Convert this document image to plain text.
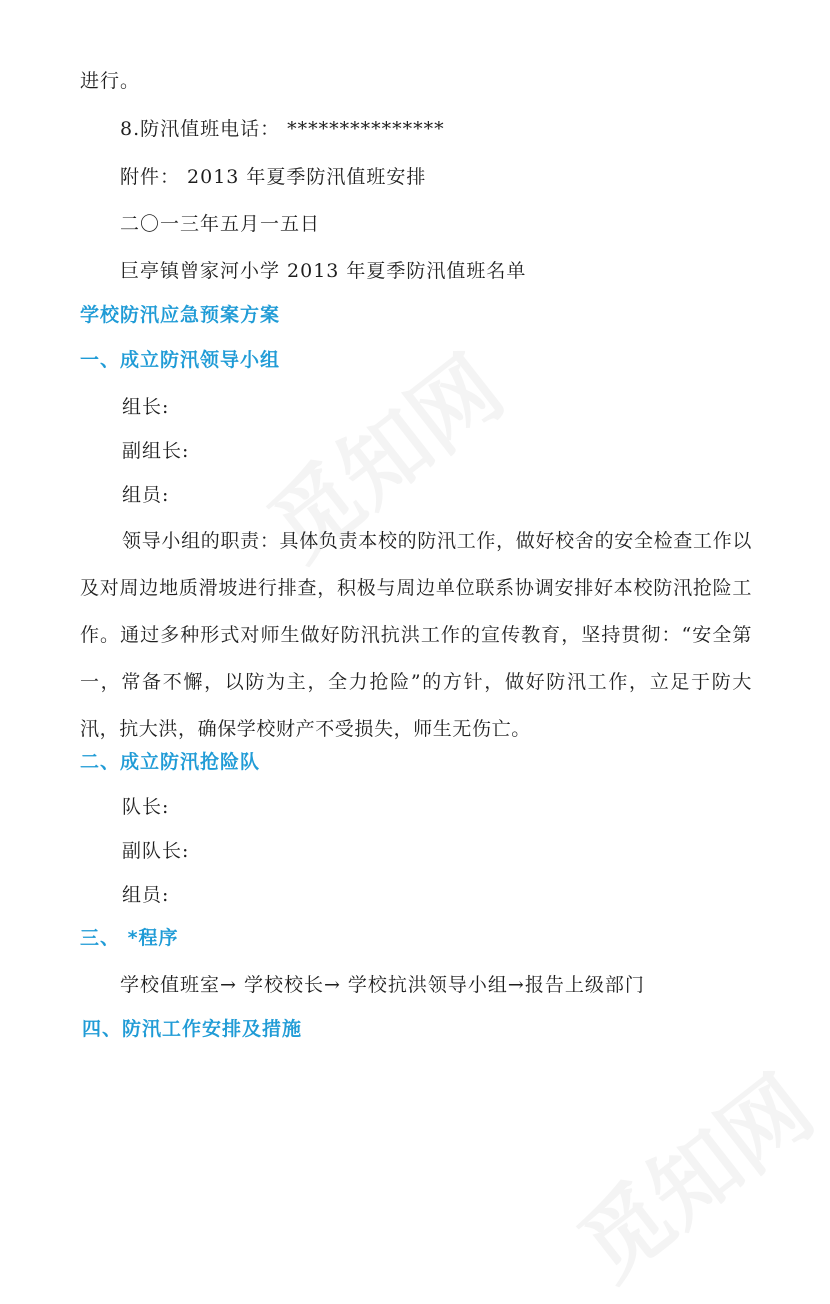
进行。
8.防汛值班电话： ***************
附件： 2013 年夏季防汛值班安排
二〇一三年五月一五日
巨亭镇曾家河小学 2013 年夏季防汛值班名单
学校防汛应急预案方案
一、成立防汛领导小组
组长:
副组长:
组员:
领导小组的职责：具体负责本校的防汛工作，做好校舍的安全检查工作以及对周边地质滑坡进行排查，积极与周边单位联系协调安排好本校防汛抢险工作。通过多种形式对师生做好防汛抗洪工作的宣传教育，坚持贯彻：“安全第一，常备不懈，以防为主，全力抢险”的方针，做好防汛工作，立足于防大汛，抗大洪，确保学校财产不受损失，师生无伤亡。
二、成立防汛抢险队
队长:
副队长:
组员:
三、 *程序
学校值班室→ 学校校长→ 学校抗洪领导小组→报告上级部门
四、防汛工作安排及措施
